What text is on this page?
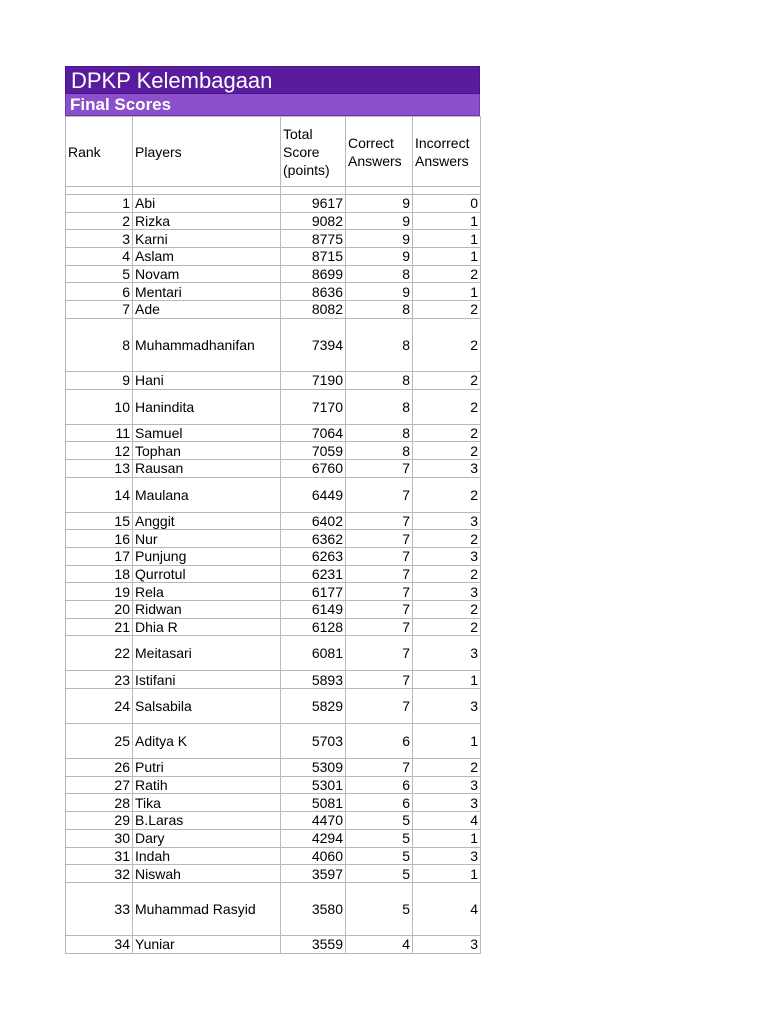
DPKP Kelembagaan
Final Scores
Rank	Players	Total Score (points)	Correct Answers	Incorrect Answers

1	Abi	9617	9	0
2	Rizka	9082	9	1
3	Karni	8775	9	1
4	Aslam	8715	9	1
5	Novam	8699	8	2
6	Mentari	8636	9	1
7	Ade	8082	8	2
8	Muhammadhanifan	7394	8	2
9	Hani	7190	8	2
10	Hanindita	7170	8	2
11	Samuel	7064	8	2
12	Tophan	7059	8	2
13	Rausan	6760	7	3
14	Maulana	6449	7	2
15	Anggit	6402	7	3
16	Nur	6362	7	2
17	Punjung	6263	7	3
18	Qurrotul	6231	7	2
19	Rela	6177	7	3
20	Ridwan	6149	7	2
21	Dhia R	6128	7	2
22	Meitasari	6081	7	3
23	Istifani	5893	7	1
24	Salsabila	5829	7	3
25	Aditya K	5703	6	1
26	Putri	5309	7	2
27	Ratih	5301	6	3
28	Tika	5081	6	3
29	B.Laras	4470	5	4
30	Dary	4294	5	1
31	Indah	4060	5	3
32	Niswah	3597	5	1
33	Muhammad Rasyid	3580	5	4
34	Yuniar	3559	4	3
